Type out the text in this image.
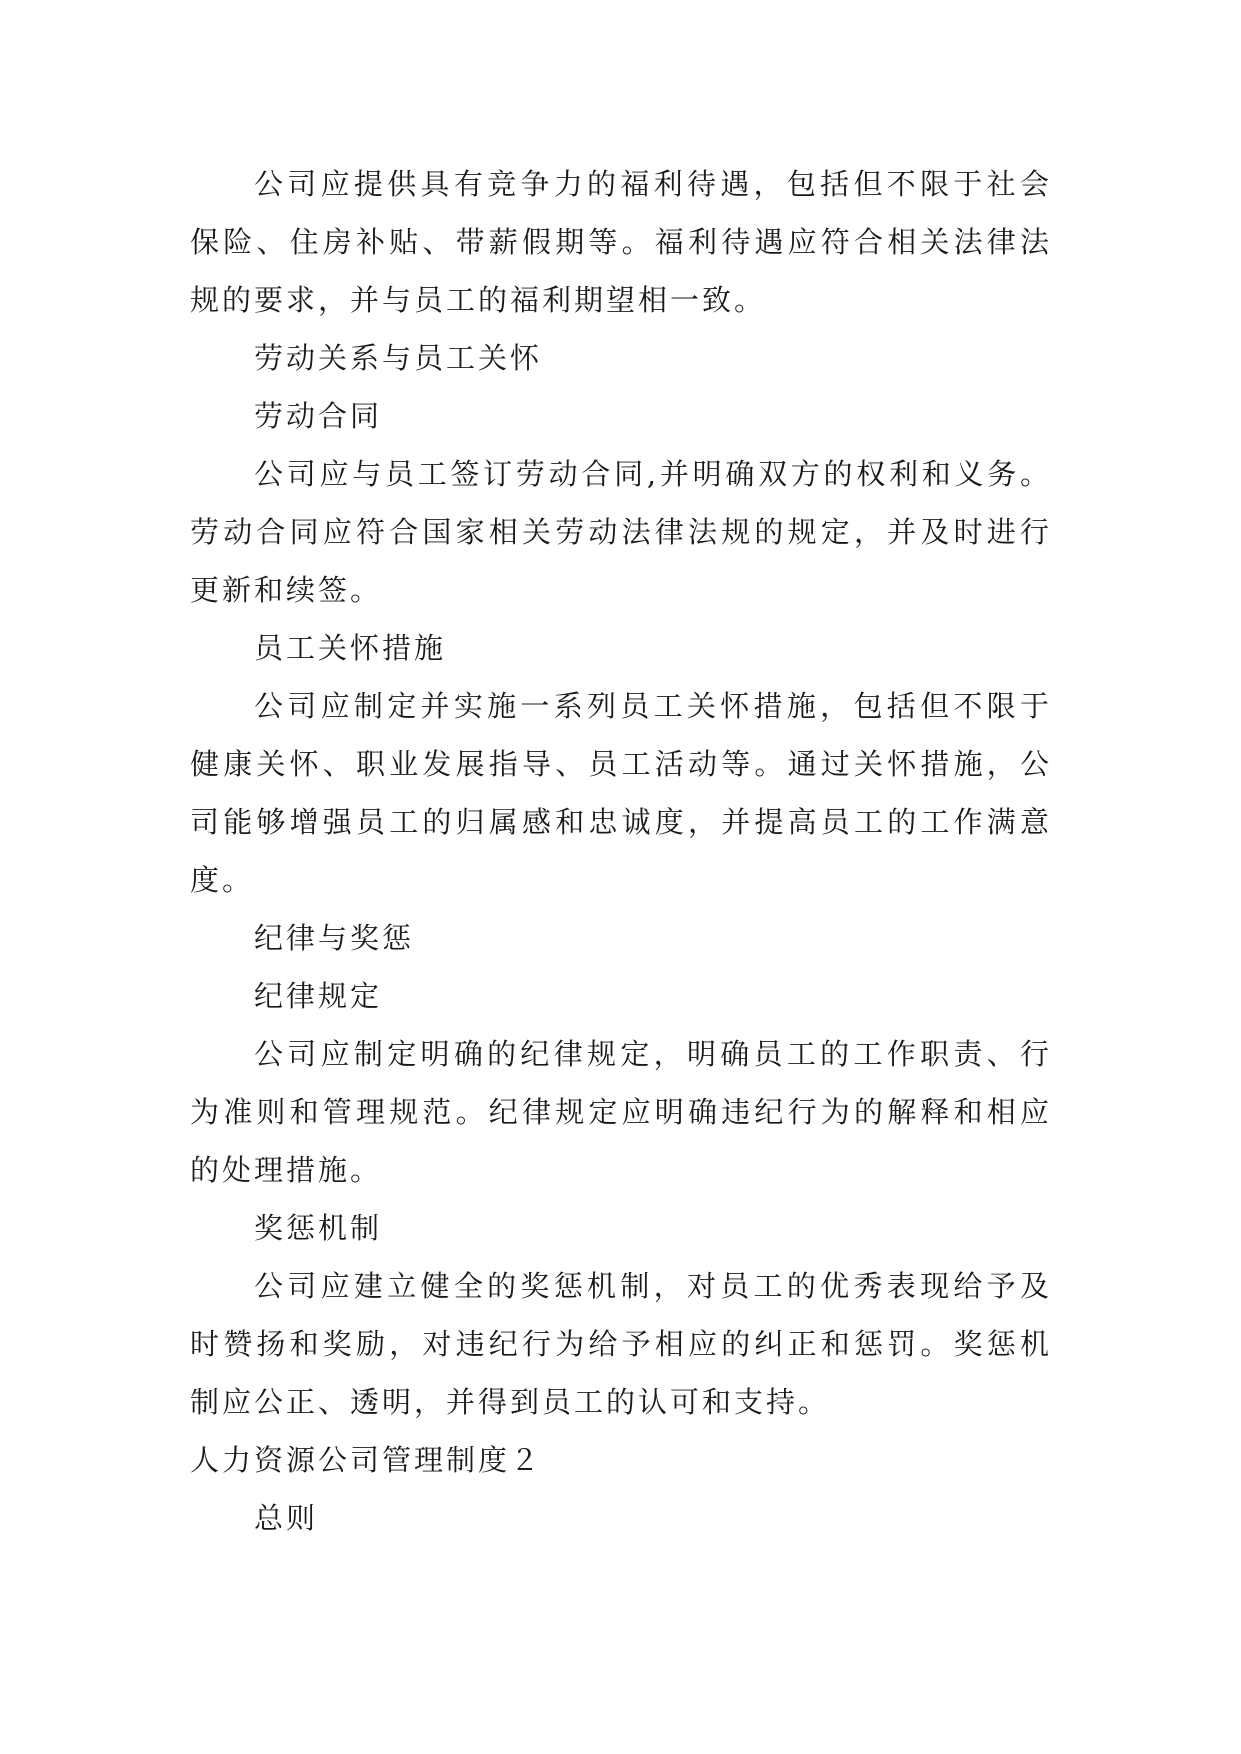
公司应提供具有竞争力的福利待遇，包括但不限于社会保险、住房补贴、带薪假期等。福利待遇应符合相关法律法规的要求，并与员工的福利期望相一致。

劳动关系与员工关怀

劳动合同

公司应与员工签订劳动合同,并明确双方的权利和义务。劳动合同应符合国家相关劳动法律法规的规定，并及时进行更新和续签。

员工关怀措施

公司应制定并实施一系列员工关怀措施，包括但不限于健康关怀、职业发展指导、员工活动等。通过关怀措施，公司能够增强员工的归属感和忠诚度，并提高员工的工作满意度。

纪律与奖惩

纪律规定

公司应制定明确的纪律规定，明确员工的工作职责、行为准则和管理规范。纪律规定应明确违纪行为的解释和相应的处理措施。

奖惩机制

公司应建立健全的奖惩机制，对员工的优秀表现给予及时赞扬和奖励，对违纪行为给予相应的纠正和惩罚。奖惩机制应公正、透明，并得到员工的认可和支持。

人力资源公司管理制度２

总则
